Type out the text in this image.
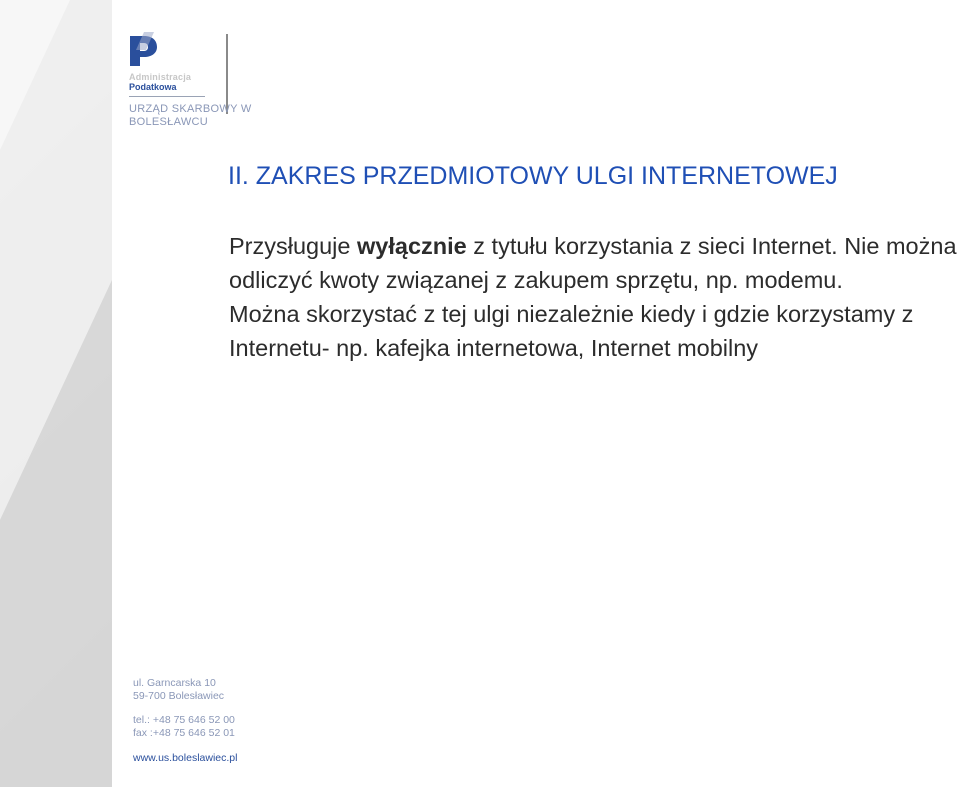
Administracja
Podatkowa
URZĄD SKARBOWY W
BOLESŁAWCU
II. ZAKRES PRZEDMIOTOWY ULGI INTERNETOWEJ

Przysługuje wyłącznie z tytułu korzystania z sieci Internet. Nie można odliczyć kwoty związanej z zakupem sprzętu, np. modemu.

Można skorzystać z tej ulgi niezależnie kiedy i gdzie korzystamy z Internetu- np. kafejka internetowa, Internet mobilny

ul. Garncarska 10
59-700 Bolesławiec
tel.: +48 75 646 52 00
fax :+48 75 646 52 01
www.us.boleslawiec.pl
